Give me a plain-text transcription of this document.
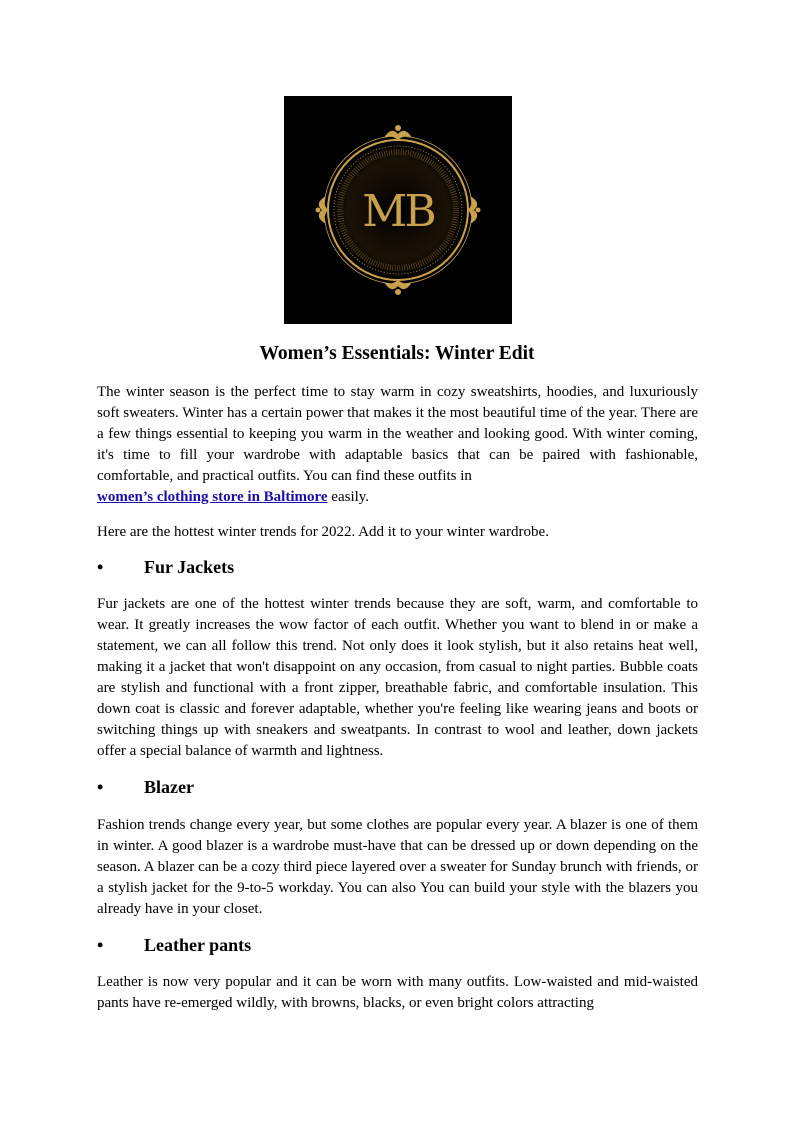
MB
Women’s Essentials: Winter Edit

The winter season is the perfect time to stay warm in cozy sweatshirts, hoodies, and luxuriously soft sweaters. Winter has a certain power that makes it the most beautiful time of the year. There are a few things essential to keeping you warm in the weather and looking good. With winter coming, it's time to fill your wardrobe with adaptable basics that can be paired with fashionable, comfortable, and practical outfits. You can find these outfits in
women’s clothing store in Baltimore easily.

Here are the hottest winter trends for 2022. Add it to your winter wardrobe.

• Fur Jackets

Fur jackets are one of the hottest winter trends because they are soft, warm, and comfortable to wear. It greatly increases the wow factor of each outfit. Whether you want to blend in or make a statement, we can all follow this trend. Not only does it look stylish, but it also retains heat well, making it a jacket that won't disappoint on any occasion, from casual to night parties. Bubble coats are stylish and functional with a front zipper, breathable fabric, and comfortable insulation. This down coat is classic and forever adaptable, whether you're feeling like wearing jeans and boots or switching things up with sneakers and sweatpants. In contrast to wool and leather, down jackets offer a special balance of warmth and lightness.

• Blazer

Fashion trends change every year, but some clothes are popular every year. A blazer is one of them in winter. A good blazer is a wardrobe must-have that can be dressed up or down depending on the season. A blazer can be a cozy third piece layered over a sweater for Sunday brunch with friends, or a stylish jacket for the 9-to-5 workday. You can also You can build your style with the blazers you already have in your closet.

• Leather pants

Leather is now very popular and it can be worn with many outfits. Low-waisted and mid-waisted pants have re-emerged wildly, with browns, blacks, or even bright colors attracting
